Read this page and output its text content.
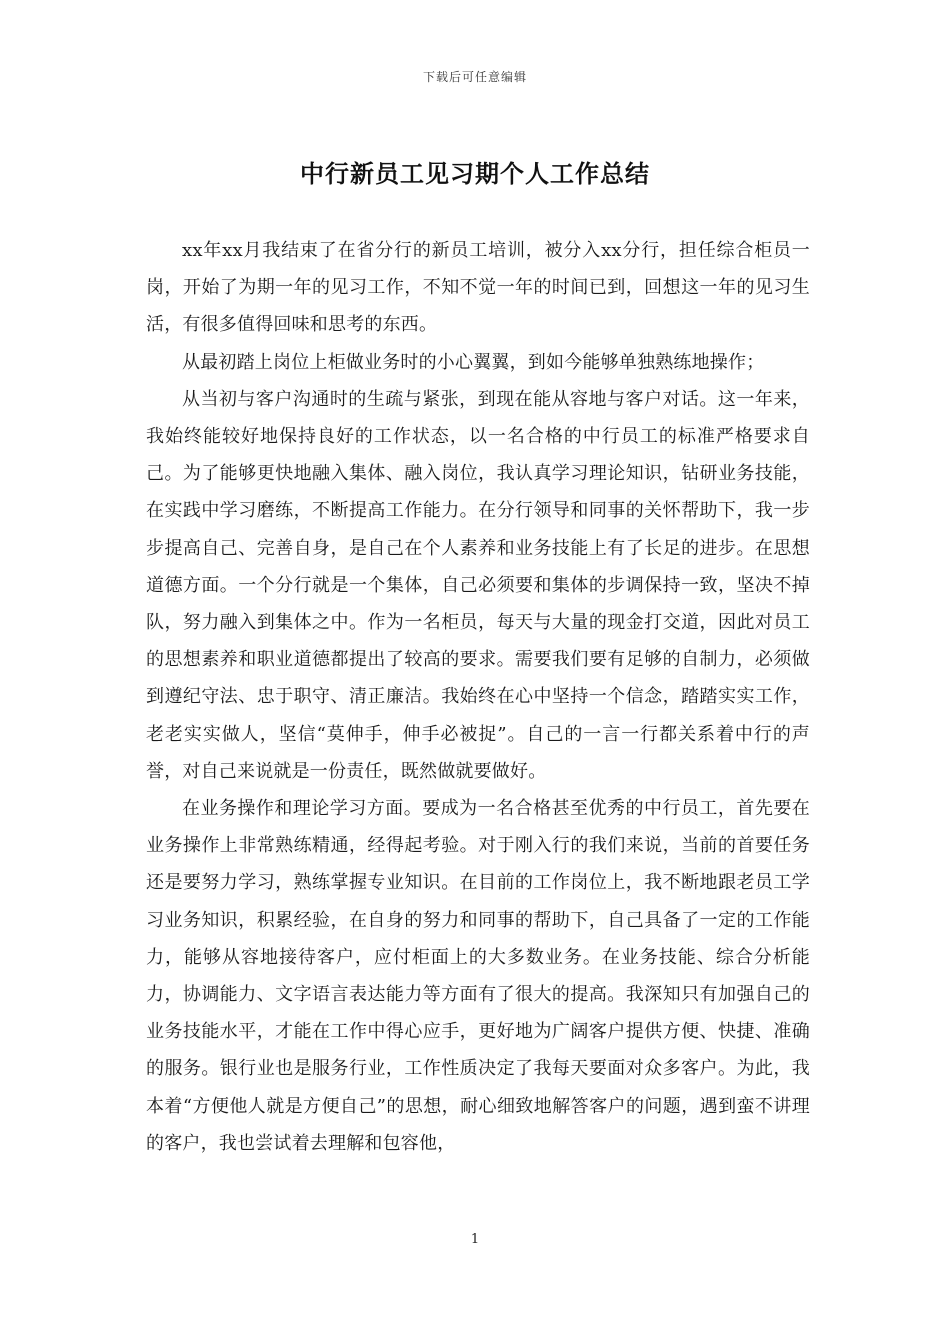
下载后可任意编辑
中行新员工见习期个人工作总结

xx年xx月我结束了在省分行的新员工培训，被分入xx分行，担任综合柜员一岗，开始了为期一年的见习工作，不知不觉一年的时间已到，回想这一年的见习生活，有很多值得回味和思考的东西。

从最初踏上岗位上柜做业务时的小心翼翼，到如今能够单独熟练地操作；

从当初与客户沟通时的生疏与紧张，到现在能从容地与客户对话。这一年来，我始终能较好地保持良好的工作状态，以一名合格的中行员工的标准严格要求自己。为了能够更快地融入集体、融入岗位，我认真学习理论知识，钻研业务技能，在实践中学习磨练，不断提高工作能力。在分行领导和同事的关怀帮助下，我一步步提高自己、完善自身，是自己在个人素养和业务技能上有了长足的进步。在思想道德方面。一个分行就是一个集体，自己必须要和集体的步调保持一致，坚决不掉队，努力融入到集体之中。作为一名柜员，每天与大量的现金打交道，因此对员工的思想素养和职业道德都提出了较高的要求。需要我们要有足够的自制力，必须做到遵纪守法、忠于职守、清正廉洁。我始终在心中坚持一个信念，踏踏实实工作，老老实实做人，坚信“莫伸手，伸手必被捉”。自己的一言一行都关系着中行的声誉，对自己来说就是一份责任，既然做就要做好。

在业务操作和理论学习方面。要成为一名合格甚至优秀的中行员工，首先要在业务操作上非常熟练精通，经得起考验。对于刚入行的我们来说，当前的首要任务还是要努力学习，熟练掌握专业知识。在目前的工作岗位上，我不断地跟老员工学习业务知识，积累经验，在自身的努力和同事的帮助下，自己具备了一定的工作能力，能够从容地接待客户，应付柜面上的大多数业务。在业务技能、综合分析能力，协调能力、文字语言表达能力等方面有了很大的提高。我深知只有加强自己的业务技能水平，才能在工作中得心应手，更好地为广阔客户提供方便、快捷、准确的服务。银行业也是服务行业，工作性质决定了我每天要面对众多客户。为此，我本着“方便他人就是方便自己”的思想，耐心细致地解答客户的问题，遇到蛮不讲理的客户，我也尝试着去理解和包容他，

1
